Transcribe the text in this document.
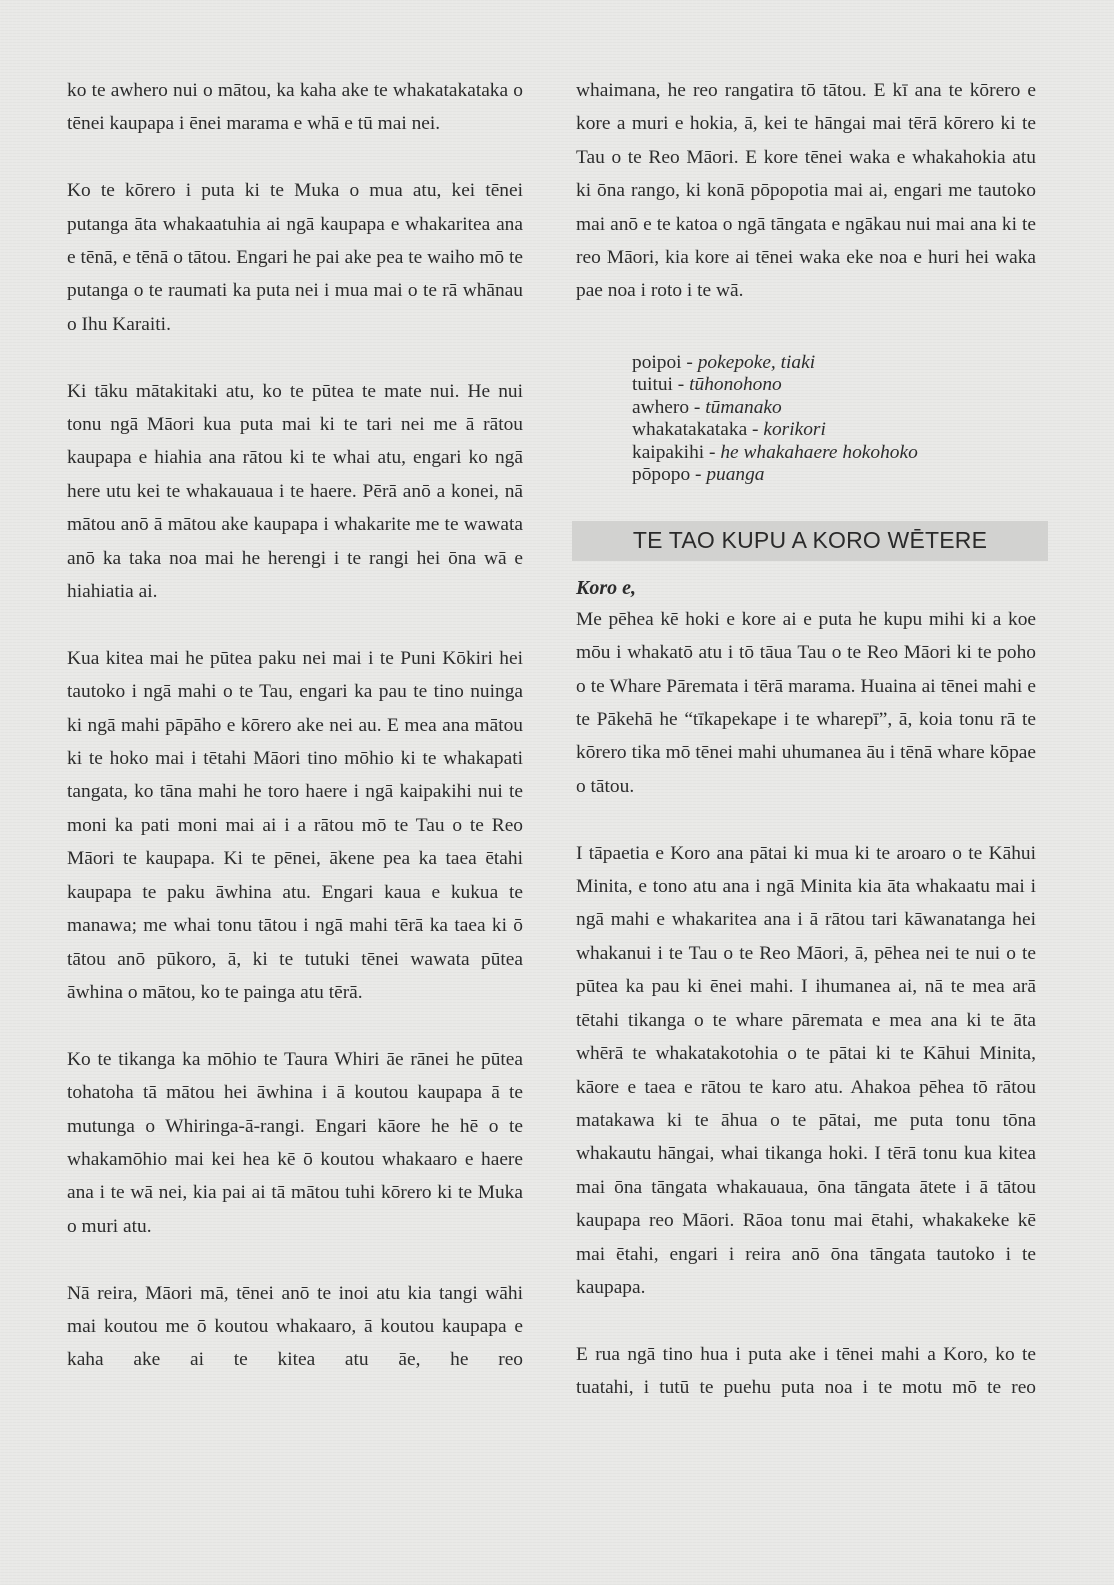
ko te awhero nui o mātou, ka kaha ake te whakatakataka o tēnei kaupapa i ēnei marama e whā e tū mai nei.

Ko te kōrero i puta ki te Muka o mua atu, kei tēnei putanga āta whakaatuhia ai ngā kaupapa e whakaritea ana e tēnā, e tēnā o tātou. Engari he pai ake pea te waiho mō te putanga o te raumati ka puta nei i mua mai o te rā whānau o Ihu Karaiti.

Ki tāku mātakitaki atu, ko te pūtea te mate nui. He nui tonu ngā Māori kua puta mai ki te tari nei me ā rātou kaupapa e hiahia ana rātou ki te whai atu, engari ko ngā here utu kei te whakauaua i te haere. Pērā anō a konei, nā mātou anō ā mātou ake kaupapa i whakarite me te wawata anō ka taka noa mai he herengi i te rangi hei ōna wā e hiahiatia ai.

Kua kitea mai he pūtea paku nei mai i te Puni Kōkiri hei tautoko i ngā mahi o te Tau, engari ka pau te tino nuinga ki ngā mahi pāpāho e kōrero ake nei au. E mea ana mātou ki te hoko mai i tētahi Māori tino mōhio ki te whakapati tangata, ko tāna mahi he toro haere i ngā kaipakihi nui te moni ka pati moni mai ai i a rātou mō te Tau o te Reo Māori te kaupapa. Ki te pēnei, ākene pea ka taea ētahi kaupapa te paku āwhina atu. Engari kaua e kukua te manawa; me whai tonu tātou i ngā mahi tērā ka taea ki ō tātou anō pūkoro, ā, ki te tutuki tēnei wawata pūtea āwhina o mātou, ko te painga atu tērā.

Ko te tikanga ka mōhio te Taura Whiri āe rānei he pūtea tohatoha tā mātou hei āwhina i ā koutou kaupapa ā te mutunga o Whiringa-ā-rangi. Engari kāore he hē o te whakamōhio mai kei hea kē ō koutou whakaaro e haere ana i te wā nei, kia pai ai tā mātou tuhi kōrero ki te Muka o muri atu.

Nā reira, Māori mā, tēnei anō te inoi atu kia tangi wāhi mai koutou me ō koutou whakaaro, ā koutou kaupapa e kaha ake ai te kitea atu āe, he reo

whaimana, he reo rangatira tō tātou. E kī ana te kōrero e kore a muri e hokia, ā, kei te hāngai mai tērā kōrero ki te Tau o te Reo Māori. E kore tēnei waka e whakahokia atu ki ōna rango, ki konā pōpopotia mai ai, engari me tautoko mai anō e te katoa o ngā tāngata e ngākau nui mai ana ki te reo Māori, kia kore ai tēnei waka eke noa e huri hei waka pae noa i roto i te wā.

poipoi - pokepoke, tiaki
tuitui - tūhonohono
awhero - tūmanako
whakatakataka - korikori
kaipakihi - he whakahaere hokohoko
pōpopo - puanga
TE TAO KUPU A KORO WĒTERE
Koro e,

Me pēhea kē hoki e kore ai e puta he kupu mihi ki a koe mōu i whakatō atu i tō tāua Tau o te Reo Māori ki te poho o te Whare Pāremata i tērā marama. Huaina ai tēnei mahi e te Pākehā he “tīkapekape i te wharepī”, ā, koia tonu rā te kōrero tika mō tēnei mahi uhumanea āu i tēnā whare kōpae o tātou.

I tāpaetia e Koro ana pātai ki mua ki te aroaro o te Kāhui Minita, e tono atu ana i ngā Minita kia āta whakaatu mai i ngā mahi e whakaritea ana i ā rātou tari kāwanatanga hei whakanui i te Tau o te Reo Māori, ā, pēhea nei te nui o te pūtea ka pau ki ēnei mahi. I ihumanea ai, nā te mea arā tētahi tikanga o te whare pāremata e mea ana ki te āta whērā te whakatakotohia o te pātai ki te Kāhui Minita, kāore e taea e rātou te karo atu. Ahakoa pēhea tō rātou matakawa ki te āhua o te pātai, me puta tonu tōna whakautu hāngai, whai tikanga hoki. I tērā tonu kua kitea mai ōna tāngata whakauaua, ōna tāngata ātete i ā tātou kaupapa reo Māori. Rāoa tonu mai ētahi, whakakeke kē mai ētahi, engari i reira anō ōna tāngata tautoko i te kaupapa.

E rua ngā tino hua i puta ake i tēnei mahi a Koro, ko te tuatahi, i tutū te puehu puta noa i te motu mō te reo
